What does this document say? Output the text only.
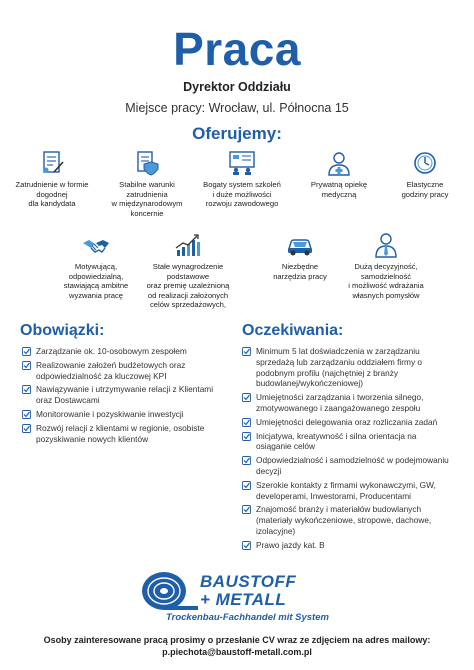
Praca
Dyrektor Oddziału
Miejsce pracy: Wrocław, ul. Północna 15
Oferujemy:
Zatrudnienie w formie
dogodnej
dla kandydata
Stabilne warunki
zatrudnienia
w międzynarodowym
koncernie
Bogaty system szkoleń
i duże możliwości
rozwoju zawodowego
Prywatną opiekę
medyczną
Elastyczne
godziny pracy
Motywującą,
odpowiedzialną,
stawiającą ambitne
wyzwania pracę
Stałe wynagrodzenie
podstawowe
oraz premię uzależnioną
od realizacji założonych
celów sprzedażowych,
Niezbędne
narzędzia pracy
Dużą decyzyjność,
samodzielność
i możliwość wdrażania
własnych pomysłów
Obowiązki:
Zarządzanie ok. 10-osobowym zespołem
Realizowanie założeń budżetowych oraz odpowiedzialność za kluczowej KPI
Nawiązywanie i utrzymywanie relacji z Klientami oraz Dostawcami
Monitorowanie i pozyskiwanie inwestycji
Rozwój relacji z klientami w regionie, osobiste pozyskiwanie nowych klientów
Oczekiwania:
Minimum 5 lat doświadczenia w zarządzaniu sprzedażą lub zarządzaniu oddziałem firmy o podobnym profilu (najchętniej z branży budowlanej/wykończeniowej)
Umiejętności zarządzania i tworzenia silnego, zmotywowanego i zaangażowanego zespołu
Umiejętności delegowania oraz rozliczania zadań
Inicjatywa, kreatywność i silna orientacja na osiąganie celów
Odpowiedzialność i samodzielność w podejmowaniu decyzji
Szerokie kontakty z firmami wykonawczymi, GW, developerami, Inwestorami, Producentami
Znajomość branży i materiałów budowlanych (materiały wykończeniowe, stropowe, dachowe, izolacyjne)
Prawo jazdy kat. B
BAUSTOFF
+ METALL
Trockenbau-Fachhandel mit System
Osoby zainteresowane pracą prosimy o przesłanie CV wraz ze zdjęciem na adres mailowy:
p.piechota@baustoff-metall.com.pl
